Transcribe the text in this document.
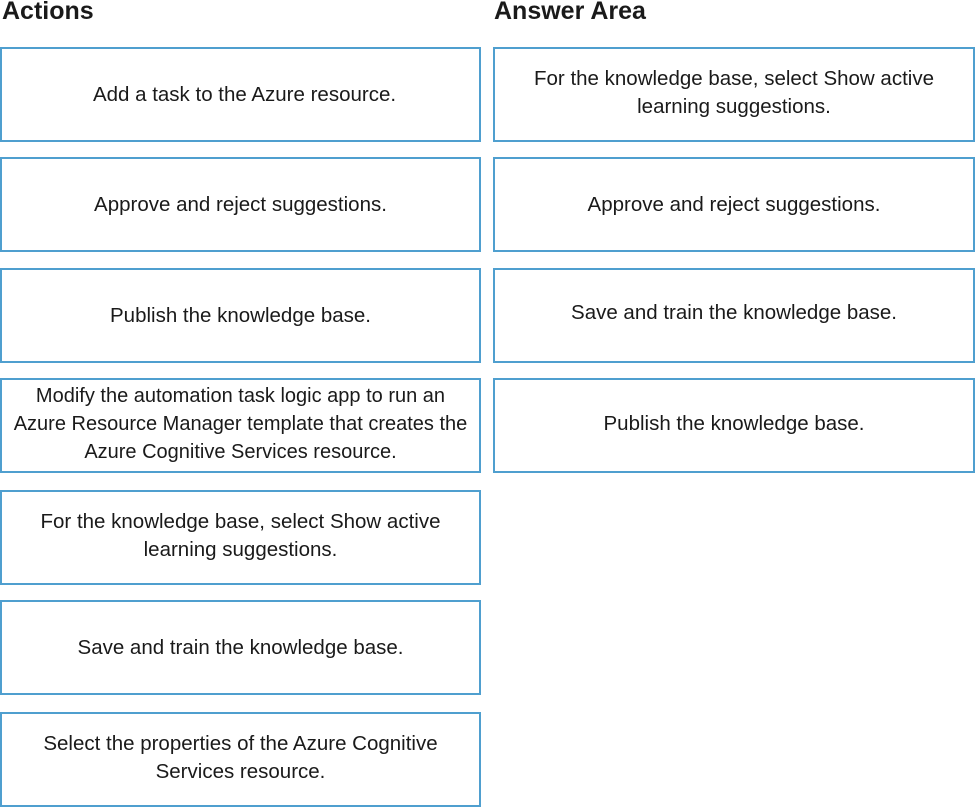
Actions	Answer Area
Add a task to the Azure resource.
Approve and reject suggestions.
Publish the knowledge base.
Modify the automation task logic app to run an Azure Resource Manager template that creates the Azure Cognitive Services resource.
For the knowledge base, select Show active learning suggestions.
Save and train the knowledge base.
Select the properties of the Azure Cognitive Services resource.
For the knowledge base, select Show active learning suggestions.
Approve and reject suggestions.
Save and train the knowledge base.
Publish the knowledge base.
